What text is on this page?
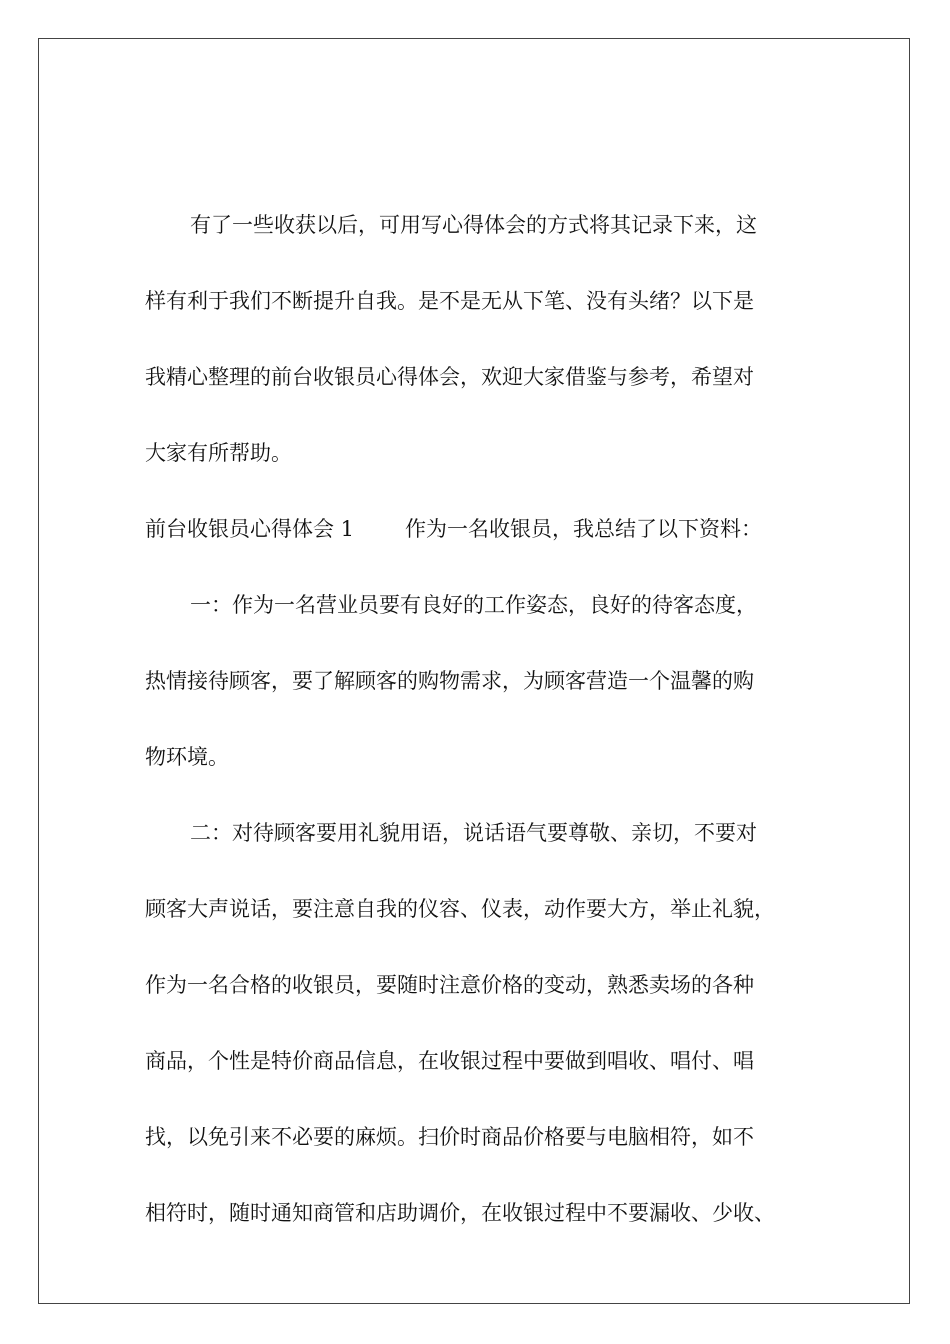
有了一些收获以后，可用写心得体会的方式将其记录下来，这
样有利于我们不断提升自我。是不是无从下笔、没有头绪？以下是
我精心整理的前台收银员心得体会，欢迎大家借鉴与参考，希望对
大家有所帮助。
前台收银员心得体会 1 作为一名收银员，我总结了以下资料：
一：作为一名营业员要有良好的工作姿态，良好的待客态度，
热情接待顾客，要了解顾客的购物需求，为顾客营造一个温馨的购
物环境。
二：对待顾客要用礼貌用语，说话语气要尊敬、亲切，不要对
顾客大声说话，要注意自我的仪容、仪表，动作要大方，举止礼貌，
作为一名合格的收银员，要随时注意价格的变动，熟悉卖场的各种
商品，个性是特价商品信息，在收银过程中要做到唱收、唱付、唱
找，以免引来不必要的麻烦。扫价时商品价格要与电脑相符，如不
相符时，随时通知商管和店助调价，在收银过程中不要漏收、少收、
